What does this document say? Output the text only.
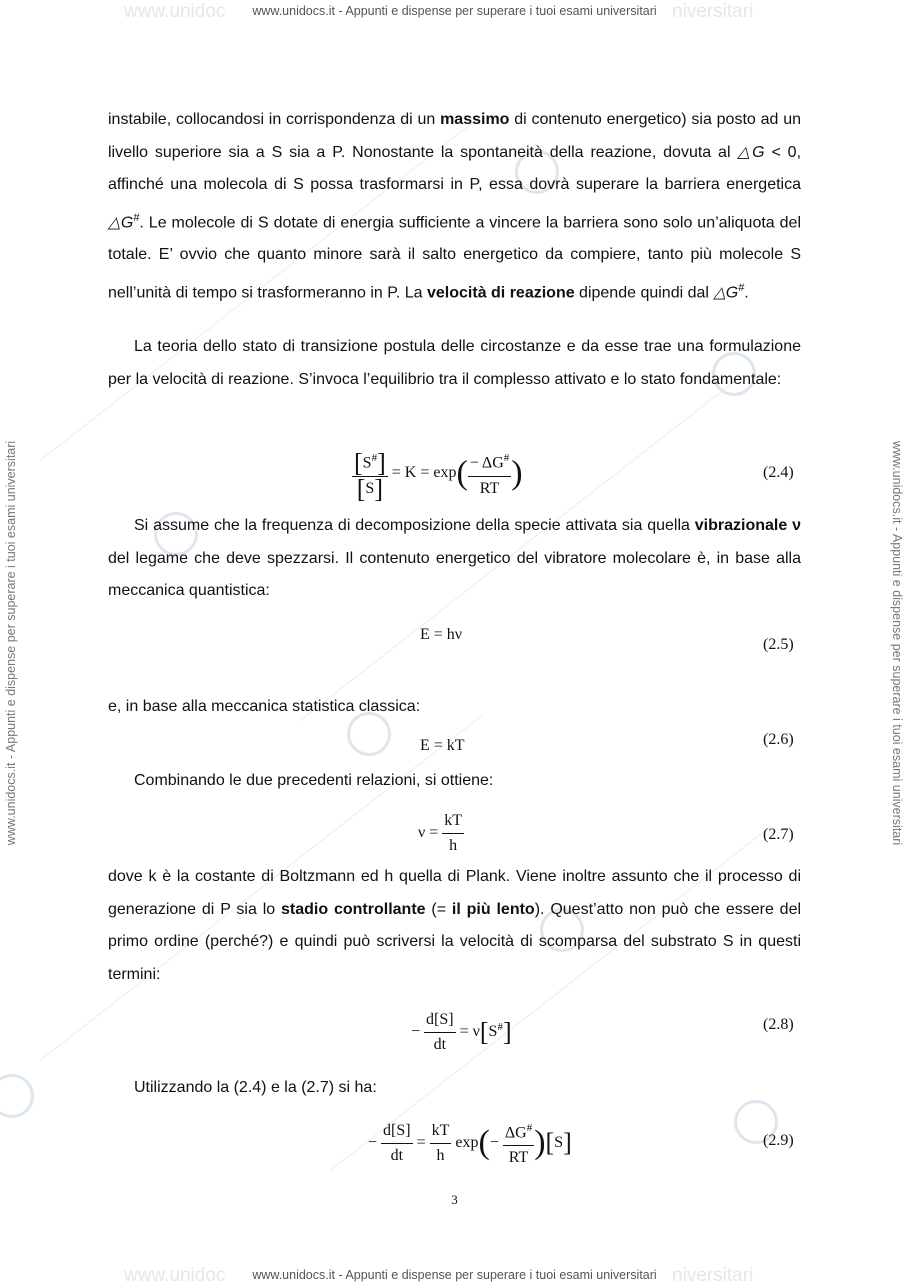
www.unidoc	niversitari
www.unidocs.it - Appunti e dispense per superare i tuoi esami universitari
www.unidoc	niversitari
www.unidocs.it - Appunti e dispense per superare i tuoi esami universitari
www.unidocs.it - Appunti e dispense per superare i tuoi esami universitari	www.unidocs.it - Appunti e dispense per superare i tuoi esami universitari
instabile, collocandosi in corrispondenza di un massimo di contenuto energetico) sia posto ad un livello superiore sia a S sia a P. Nonostante la spontaneità della reazione, dovuta al △G < 0, affinché una molecola di S possa trasformarsi in P, essa dovrà superare la barriera energetica △G#. Le molecole di S dotate di energia sufficiente a vincere la barriera sono solo un’aliquota del totale. E’ ovvio che quanto minore sarà il salto energetico da compiere, tanto più molecole S nell’unità di tempo si trasformeranno in P. La velocità di reazione dipende quindi dal △G#.
La teoria dello stato di transizione postula delle circostanze e da esse trae una formulazione per la velocità di reazione. S’invoca l’equilibrio tra il complesso attivato e lo stato fondamentale:
$\frac{[S^{\#}]}{[S]} = K = \exp( \frac{- \Delta G^{\#}}{RT}$ )	(2.4)
Si assume che la frequenza di decomposizione della specie attivata sia quella vibrazionale ν del legame che deve spezzarsi. Il contenuto energetico del vibratore molecolare è, in base alla meccanica quantistica:
E = hν
(2.5)
e, in base alla meccanica statistica classica:
E = kT	(2.6)
Combinando le due precedenti relazioni, si ottiene:
$\nu = \frac{kT}{h}$	(2.7)
dove k è la costante di Boltzmann ed h quella di Plank. Viene inoltre assunto che il processo di generazione di P sia lo stadio controllante (= il più lento). Quest’atto non può che essere del primo ordine (perché?) e quindi può scriversi la velocità di scomparsa del substrato S in questi termini:
− $\frac{d[S]}{dt} = \nu[S^{\#}]$	(2.8)
Utilizzando la (2.4) e la (2.7) si ha:
− $\frac{d[S]}{dt} = \frac{kT}{h} \exp(- \frac{\Delta G^{\#}}{RT} )[S]$	(2.9)
3
